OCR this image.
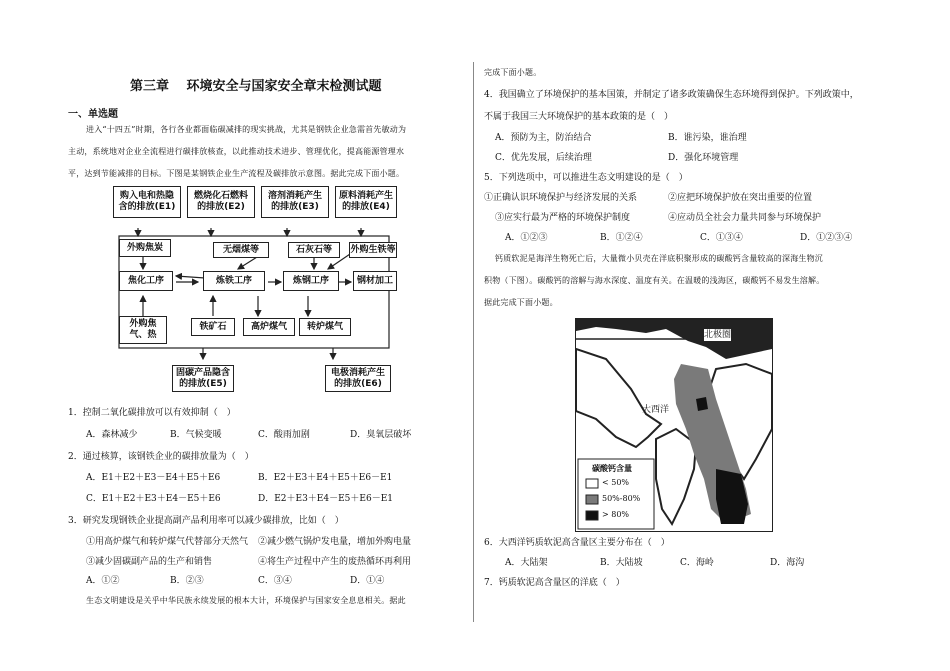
第三章　 环境安全与国家安全章末检测试题
一、单选题
进入“十四五”时期，各行各业都面临碳减排的现实挑战，尤其是钢铁企业急需首先敏动为
主动，系统地对企业全流程进行碳排放核查，以此推动技术进步、管理优化，提高能源管理水
平，达到节能减排的目标。下图是某钢铁企业生产流程及碳排放示意图。据此完成下面小题。
购入电和热隐
含的排放(E1)
燃烧化石燃料
的排放(E2)
溶剂消耗产生
的排放(E3)
原料消耗产生
的排放(E4)
外购焦炭	无烟煤等	石灰石等	外购生铁等
焦化工序	炼铁工序	炼钢工序	钢材加工
外购焦
气、热
铁矿石	高炉煤气	转炉煤气
固碳产品隐含
的排放(E5)
电极消耗产生
的排放(E6)
1．控制二氧化碳排放可以有效抑制（　）
A．森林减少	B．气候变暖	C．酸雨加剧	D．臭氧层破坏
2．通过核算，该钢铁企业的碳排放量为（　）
A．E1＋E2＋E3－E4＋E5＋E6	B．E2＋E3＋E4＋E5＋E6－E1
C．E1＋E2＋E3＋E4－E5＋E6	D．E2＋E3＋E4－E5＋E6－E1
3．研究发现钢铁企业提高副产品利用率可以减少碳排放，比如（　）
①用高炉煤气和转炉煤气代替部分天然气 ②减少燃气锅炉发电量，增加外购电量
③减少固碳副产品的生产和销售	④将生产过程中产生的废热循环再利用
A．①②	B．②③	C．③④	D．①④
生态文明建设是关乎中华民族永续发展的根本大计，环境保护与国家安全息息相关。据此
完成下面小题。
4．我国确立了环境保护的基本国策，并制定了诸多政策确保生态环境得到保护。下列政策中，
不属于我国三大环境保护的基本政策的是（　）
A．预防为主，防治结合	B．谁污染，谁治理
C．优先发展，后续治理	D．强化环境管理
5．下列选项中，可以推进生态文明建设的是（　）
①正确认识环境保护与经济发展的关系	②应把环境保护放在突出重要的位置
③应实行最为严格的环境保护制度	④应动员全社会力量共同参与环境保护
A．①②③	B．①②④	C．①③④	D．①②③④
钙质软泥是海洋生物死亡后，大量微小贝壳在洋底积聚形成的碳酸钙含量较高的深海生物沉
积物（下图）。碳酸钙的溶解与海水深度、温度有关。在温暖的浅海区，碳酸钙不易发生溶解。
据此完成下面小题。
北极圈
大西洋
碳酸钙含量
< 50%
50%-80%
> 80%
6．大西洋钙质软泥高含量区主要分布在（　）
A．大陆架	B．大陆坡	C．海岭	D．海沟
7．钙质软泥高含量区的洋底（　）
